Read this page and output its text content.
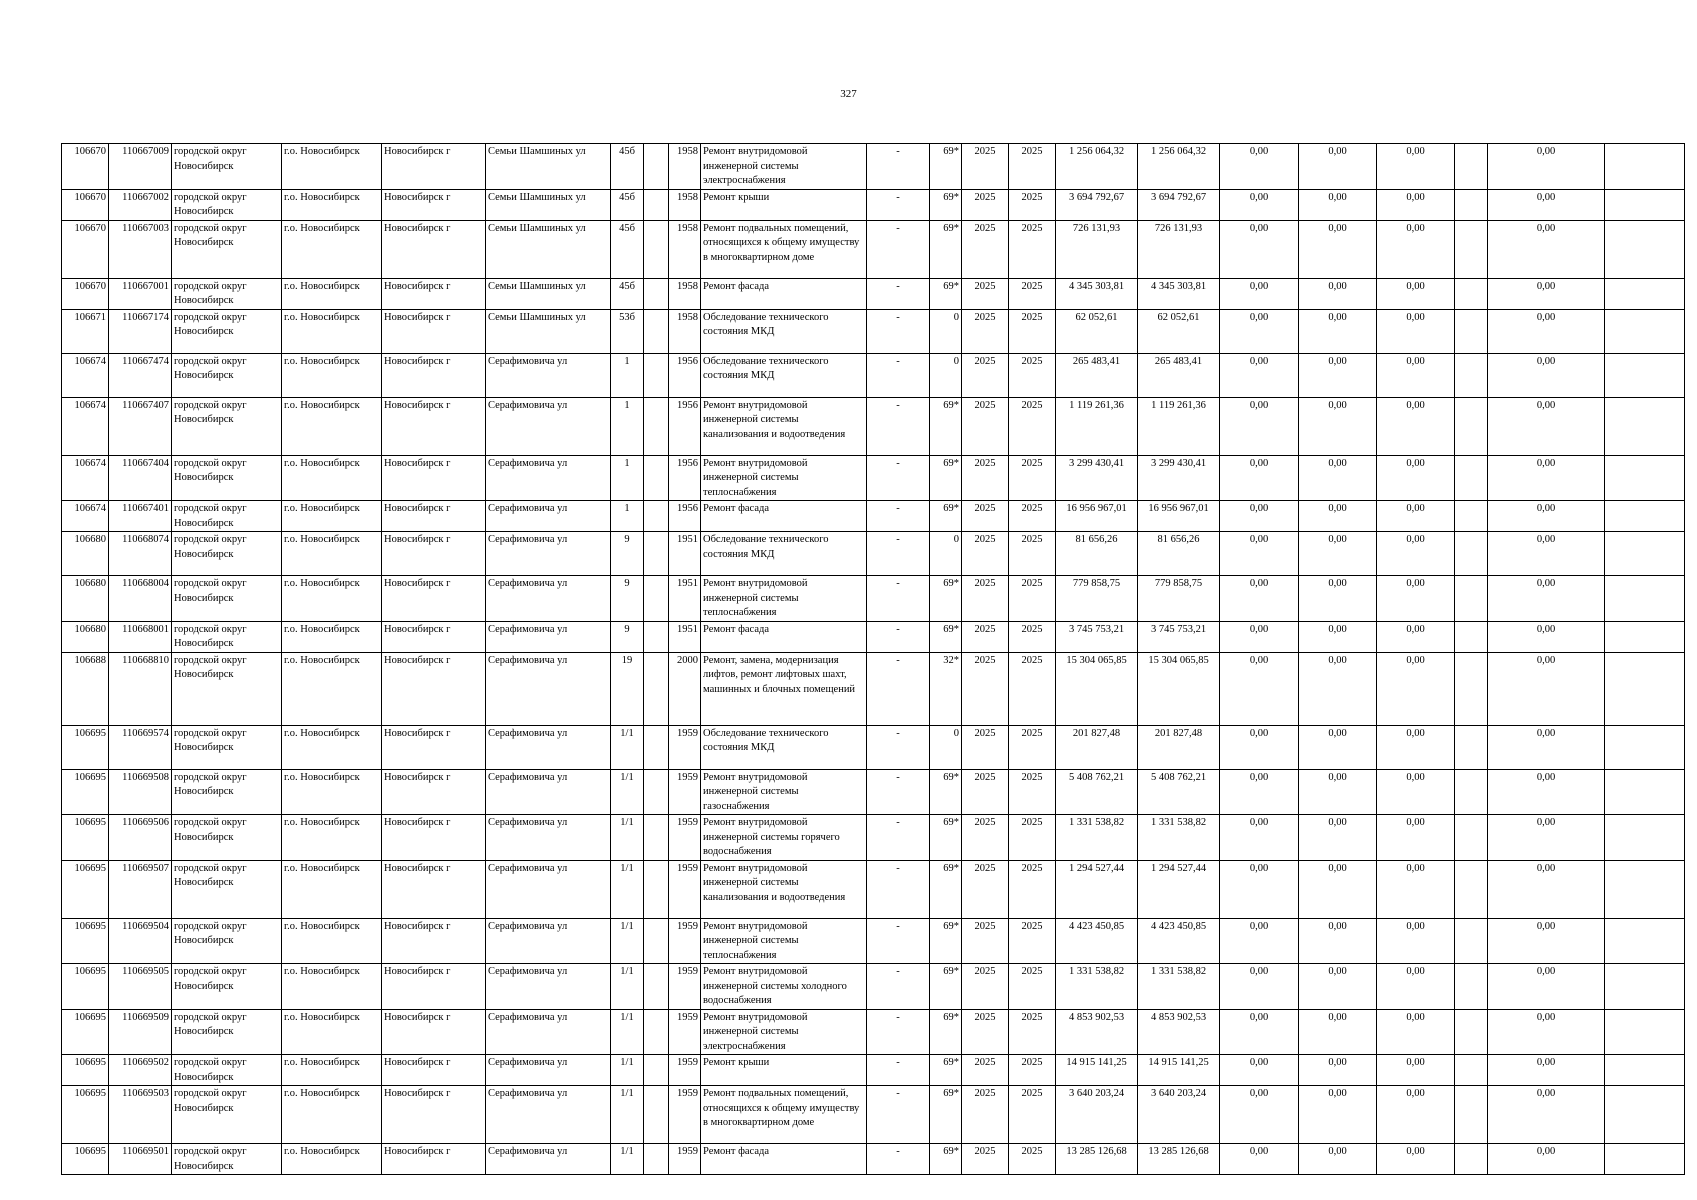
327
106670	110667009	городской округ Новосибирск	г.о. Новосибирск	Новосибирск г	Семьи Шамшиных ул	45б		1958	Ремонт внутридомовой инженерной системы электроснабжения	-	69*	2025	2025	1 256 064,32	1 256 064,32	0,00	0,00	0,00		0,00	
106670	110667002	городской округ Новосибирск	г.о. Новосибирск	Новосибирск г	Семьи Шамшиных ул	45б		1958	Ремонт крыши	-	69*	2025	2025	3 694 792,67	3 694 792,67	0,00	0,00	0,00		0,00	
106670	110667003	городской округ Новосибирск	г.о. Новосибирск	Новосибирск г	Семьи Шамшиных ул	45б		1958	Ремонт подвальных помещений, относящихся к общему имуществу в многоквартирном доме	-	69*	2025	2025	726 131,93	726 131,93	0,00	0,00	0,00		0,00	
106670	110667001	городской округ Новосибирск	г.о. Новосибирск	Новосибирск г	Семьи Шамшиных ул	45б		1958	Ремонт фасада	-	69*	2025	2025	4 345 303,81	4 345 303,81	0,00	0,00	0,00		0,00	
106671	110667174	городской округ Новосибирск	г.о. Новосибирск	Новосибирск г	Семьи Шамшиных ул	53б		1958	Обследование технического состояния МКД	-	0	2025	2025	62 052,61	62 052,61	0,00	0,00	0,00		0,00	
106674	110667474	городской округ Новосибирск	г.о. Новосибирск	Новосибирск г	Серафимовича ул	1		1956	Обследование технического состояния МКД	-	0	2025	2025	265 483,41	265 483,41	0,00	0,00	0,00		0,00	
106674	110667407	городской округ Новосибирск	г.о. Новосибирск	Новосибирск г	Серафимовича ул	1		1956	Ремонт внутридомовой инженерной системы канализования и водоотведения	-	69*	2025	2025	1 119 261,36	1 119 261,36	0,00	0,00	0,00		0,00	
106674	110667404	городской округ Новосибирск	г.о. Новосибирск	Новосибирск г	Серафимовича ул	1		1956	Ремонт внутридомовой инженерной системы теплоснабжения	-	69*	2025	2025	3 299 430,41	3 299 430,41	0,00	0,00	0,00		0,00	
106674	110667401	городской округ Новосибирск	г.о. Новосибирск	Новосибирск г	Серафимовича ул	1		1956	Ремонт фасада	-	69*	2025	2025	16 956 967,01	16 956 967,01	0,00	0,00	0,00		0,00	
106680	110668074	городской округ Новосибирск	г.о. Новосибирск	Новосибирск г	Серафимовича ул	9		1951	Обследование технического состояния МКД	-	0	2025	2025	81 656,26	81 656,26	0,00	0,00	0,00		0,00	
106680	110668004	городской округ Новосибирск	г.о. Новосибирск	Новосибирск г	Серафимовича ул	9		1951	Ремонт внутридомовой инженерной системы теплоснабжения	-	69*	2025	2025	779 858,75	779 858,75	0,00	0,00	0,00		0,00	
106680	110668001	городской округ Новосибирск	г.о. Новосибирск	Новосибирск г	Серафимовича ул	9		1951	Ремонт фасада	-	69*	2025	2025	3 745 753,21	3 745 753,21	0,00	0,00	0,00		0,00	
106688	110668810	городской округ Новосибирск	г.о. Новосибирск	Новосибирск г	Серафимовича ул	19		2000	Ремонт, замена, модернизация лифтов, ремонт лифтовых шахт, машинных и блочных помещений	-	32*	2025	2025	15 304 065,85	15 304 065,85	0,00	0,00	0,00		0,00	
106695	110669574	городской округ Новосибирск	г.о. Новосибирск	Новосибирск г	Серафимовича ул	1/1		1959	Обследование технического состояния МКД	-	0	2025	2025	201 827,48	201 827,48	0,00	0,00	0,00		0,00	
106695	110669508	городской округ Новосибирск	г.о. Новосибирск	Новосибирск г	Серафимовича ул	1/1		1959	Ремонт внутридомовой инженерной системы газоснабжения	-	69*	2025	2025	5 408 762,21	5 408 762,21	0,00	0,00	0,00		0,00	
106695	110669506	городской округ Новосибирск	г.о. Новосибирск	Новосибирск г	Серафимовича ул	1/1		1959	Ремонт внутридомовой инженерной системы горячего водоснабжения	-	69*	2025	2025	1 331 538,82	1 331 538,82	0,00	0,00	0,00		0,00	
106695	110669507	городской округ Новосибирск	г.о. Новосибирск	Новосибирск г	Серафимовича ул	1/1		1959	Ремонт внутридомовой инженерной системы канализования и водоотведения	-	69*	2025	2025	1 294 527,44	1 294 527,44	0,00	0,00	0,00		0,00	
106695	110669504	городской округ Новосибирск	г.о. Новосибирск	Новосибирск г	Серафимовича ул	1/1		1959	Ремонт внутридомовой инженерной системы теплоснабжения	-	69*	2025	2025	4 423 450,85	4 423 450,85	0,00	0,00	0,00		0,00	
106695	110669505	городской округ Новосибирск	г.о. Новосибирск	Новосибирск г	Серафимовича ул	1/1		1959	Ремонт внутридомовой инженерной системы холодного водоснабжения	-	69*	2025	2025	1 331 538,82	1 331 538,82	0,00	0,00	0,00		0,00	
106695	110669509	городской округ Новосибирск	г.о. Новосибирск	Новосибирск г	Серафимовича ул	1/1		1959	Ремонт внутридомовой инженерной системы электроснабжения	-	69*	2025	2025	4 853 902,53	4 853 902,53	0,00	0,00	0,00		0,00	
106695	110669502	городской округ Новосибирск	г.о. Новосибирск	Новосибирск г	Серафимовича ул	1/1		1959	Ремонт крыши	-	69*	2025	2025	14 915 141,25	14 915 141,25	0,00	0,00	0,00		0,00	
106695	110669503	городской округ Новосибирск	г.о. Новосибирск	Новосибирск г	Серафимовича ул	1/1		1959	Ремонт подвальных помещений, относящихся к общему имуществу в многоквартирном доме	-	69*	2025	2025	3 640 203,24	3 640 203,24	0,00	0,00	0,00		0,00	
106695	110669501	городской округ Новосибирск	г.о. Новосибирск	Новосибирск г	Серафимовича ул	1/1		1959	Ремонт фасада	-	69*	2025	2025	13 285 126,68	13 285 126,68	0,00	0,00	0,00		0,00	
